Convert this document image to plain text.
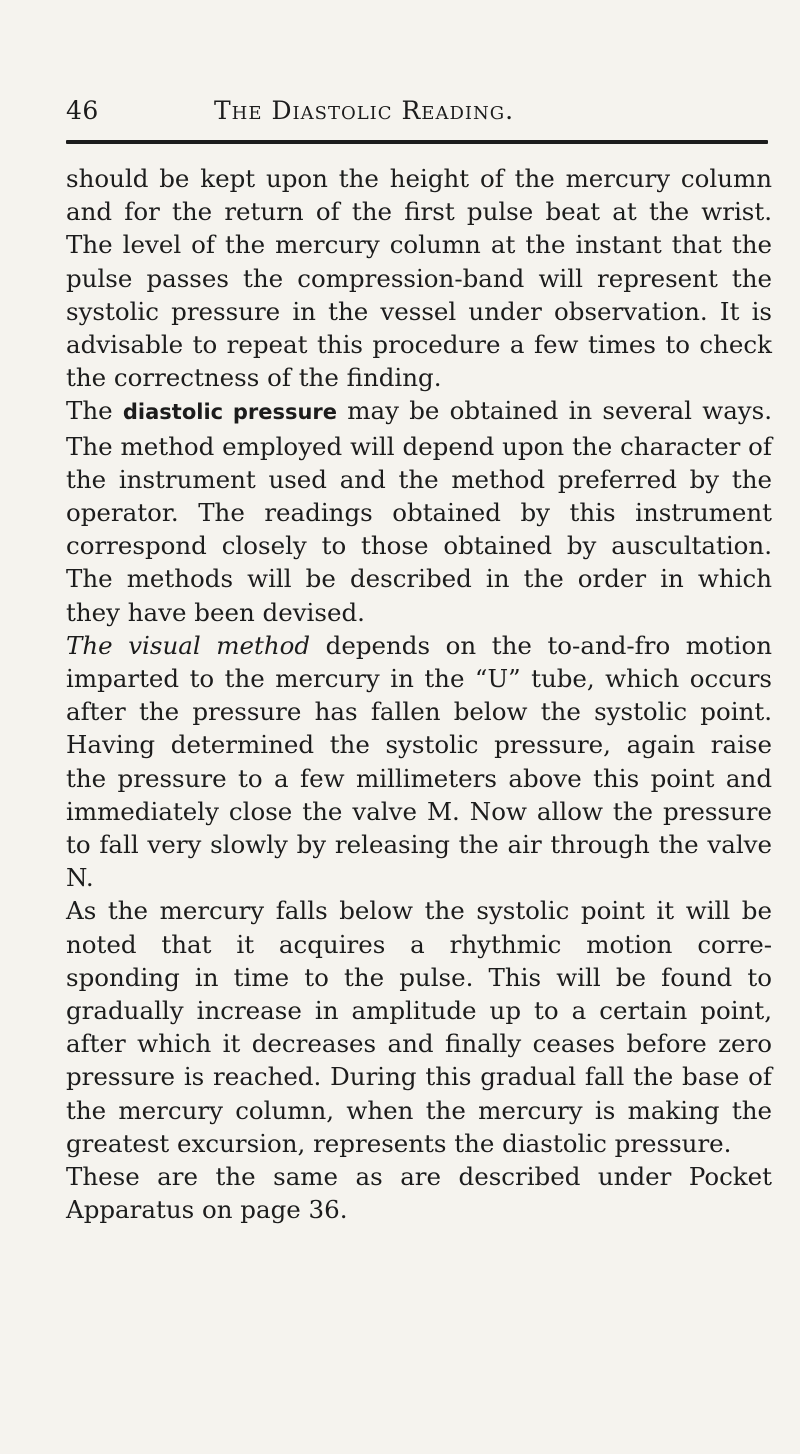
46	The Diastolic Reading.

should be kept upon the height of the mercury column and for the return of the first pulse beat at the wrist. The level of the mercury column at the instant that the pulse passes the compression-band will represent the systolic pressure in the vessel under observation. It is advisable to repeat this procedure a few times to check the correctness of the finding.

The diastolic pressure may be obtained in several ways. The method employed will depend upon the character of the instrument used and the method preferred by the operator. The readings obtained by this instrument correspond closely to those obtained by auscultation. The methods will be described in the order in which they have been devised.

The visual method depends on the to-and-fro motion imparted to the mercury in the “U” tube, which occurs after the pressure has fallen below the systolic point. Having determined the systolic pressure, again raise the pressure to a few millimeters above this point and immediately close the valve M. Now allow the pressure to fall very slowly by releasing the air through the valve N.

As the mercury falls below the systolic point it will be noted that it acquires a rhythmic motion corre- sponding in time to the pulse. This will be found to gradually increase in amplitude up to a certain point, after which it decreases and finally ceases before zero pressure is reached. During this gradual fall the base of the mercury column, when the mercury is making the greatest excursion, represents the diastolic pressure.

These are the same as are described under Pocket Apparatus on page 36.
